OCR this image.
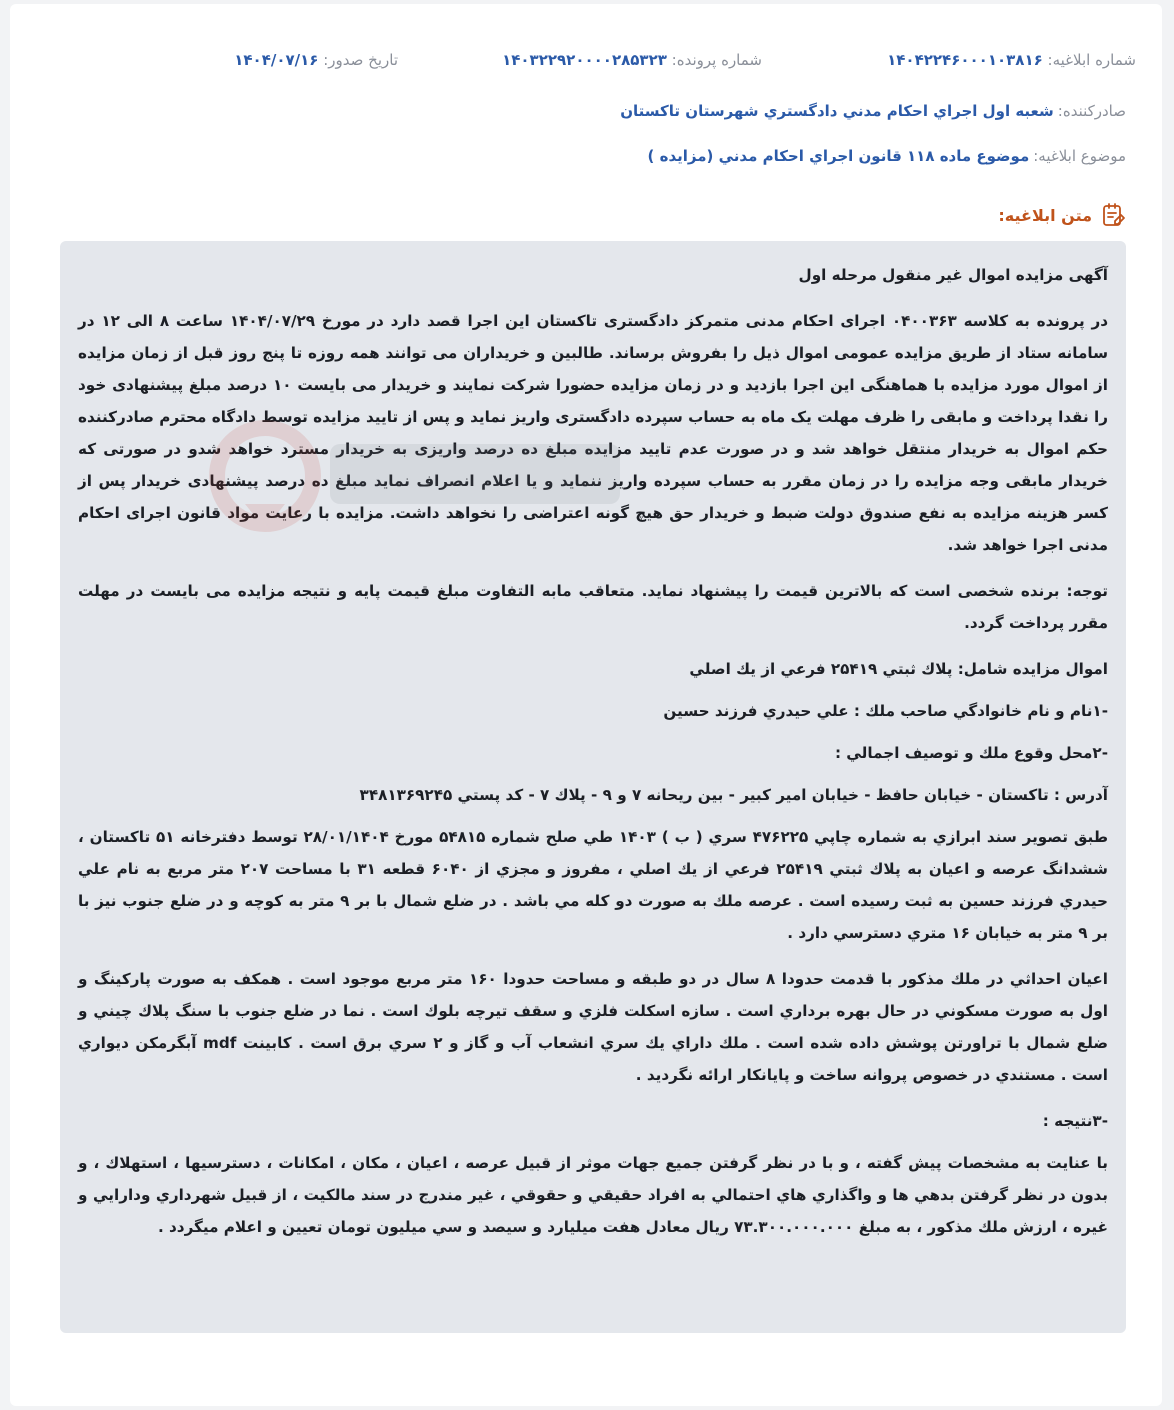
شماره ابلاغیه: ۱۴۰۴۲۲۴۶۰۰۰۱۰۳۸۱۶
شماره پرونده: ۱۴۰۳۲۲۹۲۰۰۰۰۲۸۵۳۲۳
تاریخ صدور: ۱۴۰۴/۰۷/۱۶
صادرکننده:
شعبه اول اجراي احكام مدني دادگستري شهرستان تاكستان
موضوع ابلاغیه:
موضوع ماده ۱۱۸ قانون اجراي احكام مدني (مزايده )
متن ابلاغیه:

آگهی مزایده اموال غیر منقول مرحله اول

در پرونده به کلاسه ۰۴۰۰۳۶۳ اجرای احکام مدنی متمرکز دادگستری تاکستان این اجرا قصد دارد در مورخ ۱۴۰۴/۰۷/۲۹ ساعت ۸ الی ۱۲ در سامانه ستاد از طریق مزایده عمومی اموال ذیل را بفروش برساند. طالبین و خریداران می توانند همه روزه تا پنج روز قبل از زمان مزایده از اموال مورد مزایده با هماهنگی این اجرا بازدید و در زمان مزایده حضورا شرکت نمایند و خریدار می بایست ۱۰ درصد مبلغ پیشنهادی خود را نقدا پرداخت و مابقی را ظرف مهلت یک ماه به حساب سپرده دادگستری واریز نماید و پس از تایید مزایده توسط دادگاه محترم صادرکننده حکم اموال به خریدار منتقل خواهد شد و در صورت عدم تایید مزایده مبلغ ده درصد واریزی به خریدار مسترد خواهد شدو در صورتی که خریدار مابقی وجه مزایده را در زمان مقرر به حساب سپرده واریز ننماید و یا اعلام انصراف نماید مبلغ ده درصد پیشنهادی خریدار پس از کسر هزینه مزایده به نفع صندوق دولت ضبط و خریدار حق هیچ گونه اعتراضی را نخواهد داشت. مزایده با رعایت مواد قانون اجرای احکام مدنی اجرا خواهد شد.

توجه: برنده شخصی است که بالاترین قیمت را پیشنهاد نماید. متعاقب مابه التفاوت مبلغ قیمت پایه و نتیجه مزایده می بایست در مهلت مقرر پرداخت گردد.

اموال مزایده شامل: پلاك ثبتي ۲۵۴۱۹ فرعي از يك اصلي

-۱نام و نام خانوادگي صاحب ملك : علي حيدري فرزند حسين

-۲محل وقوع ملك و توصيف اجمالي :

آدرس : تاكستان - خيابان حافظ - خيابان امير كبير - بين ريحانه ۷ و ۹ - پلاك ۷ - كد پستي ۳۴۸۱۳۶۹۲۴۵

طبق تصوير سند ابرازي به شماره چاپي ۴۷۶۲۲۵ سري ( ب ) ۱۴۰۳ طي صلح شماره ۵۴۸۱۵ مورخ ۲۸/۰۱/۱۴۰۴ توسط دفترخانه ۵۱ تاكستان ، ششدانگ عرصه و اعيان به پلاك ثبتي ۲۵۴۱۹ فرعي از يك اصلي ، مفروز و مجزي از ۶۰۴۰ قطعه ۳۱ با مساحت ۲۰۷ متر مربع به نام علي حيدري فرزند حسين به ثبت رسيده است . عرصه ملك به صورت دو كله مي باشد . در ضلع شمال با بر ۹ متر به كوچه و در ضلع جنوب نيز با بر ۹ متر به خيابان ۱۶ متري دسترسي دارد .

اعيان احداثي در ملك مذكور با قدمت حدودا ۸ سال در دو طبقه و مساحت حدودا ۱۶۰ متر مربع موجود است . همكف به صورت پاركينگ و اول به صورت مسكوني در حال بهره برداري است . سازه اسكلت فلزي و سقف تيرچه بلوك است . نما در ضلع جنوب با سنگ پلاك چيني و ضلع شمال با تراورتن پوشش داده شده است . ملك داراي يك سري انشعاب آب و گاز و ۲ سري برق است . كابينت mdf آبگرمكن ديواري است . مستندي در خصوص پروانه ساخت و پايانكار ارائه نگرديد .

-۳نتيجه :

با عنايت به مشخصات پيش گفته ، و با در نظر گرفتن جميع جهات موثر از قبيل عرصه ، اعيان ، مكان ، امكانات ، دسترسيها ، استهلاك ، و بدون در نظر گرفتن بدهي ها و واگذاري هاي احتمالي به افراد حقيقي و حقوقي ، غير مندرج در سند مالكيت ، از قبيل شهرداري ودارايي و غيره ، ارزش ملك مذكور ، به مبلغ ۷۳.۳۰۰.۰۰۰.۰۰۰ ريال معادل هفت ميليارد و سيصد و سي ميليون تومان تعيين و اعلام ميگردد .
